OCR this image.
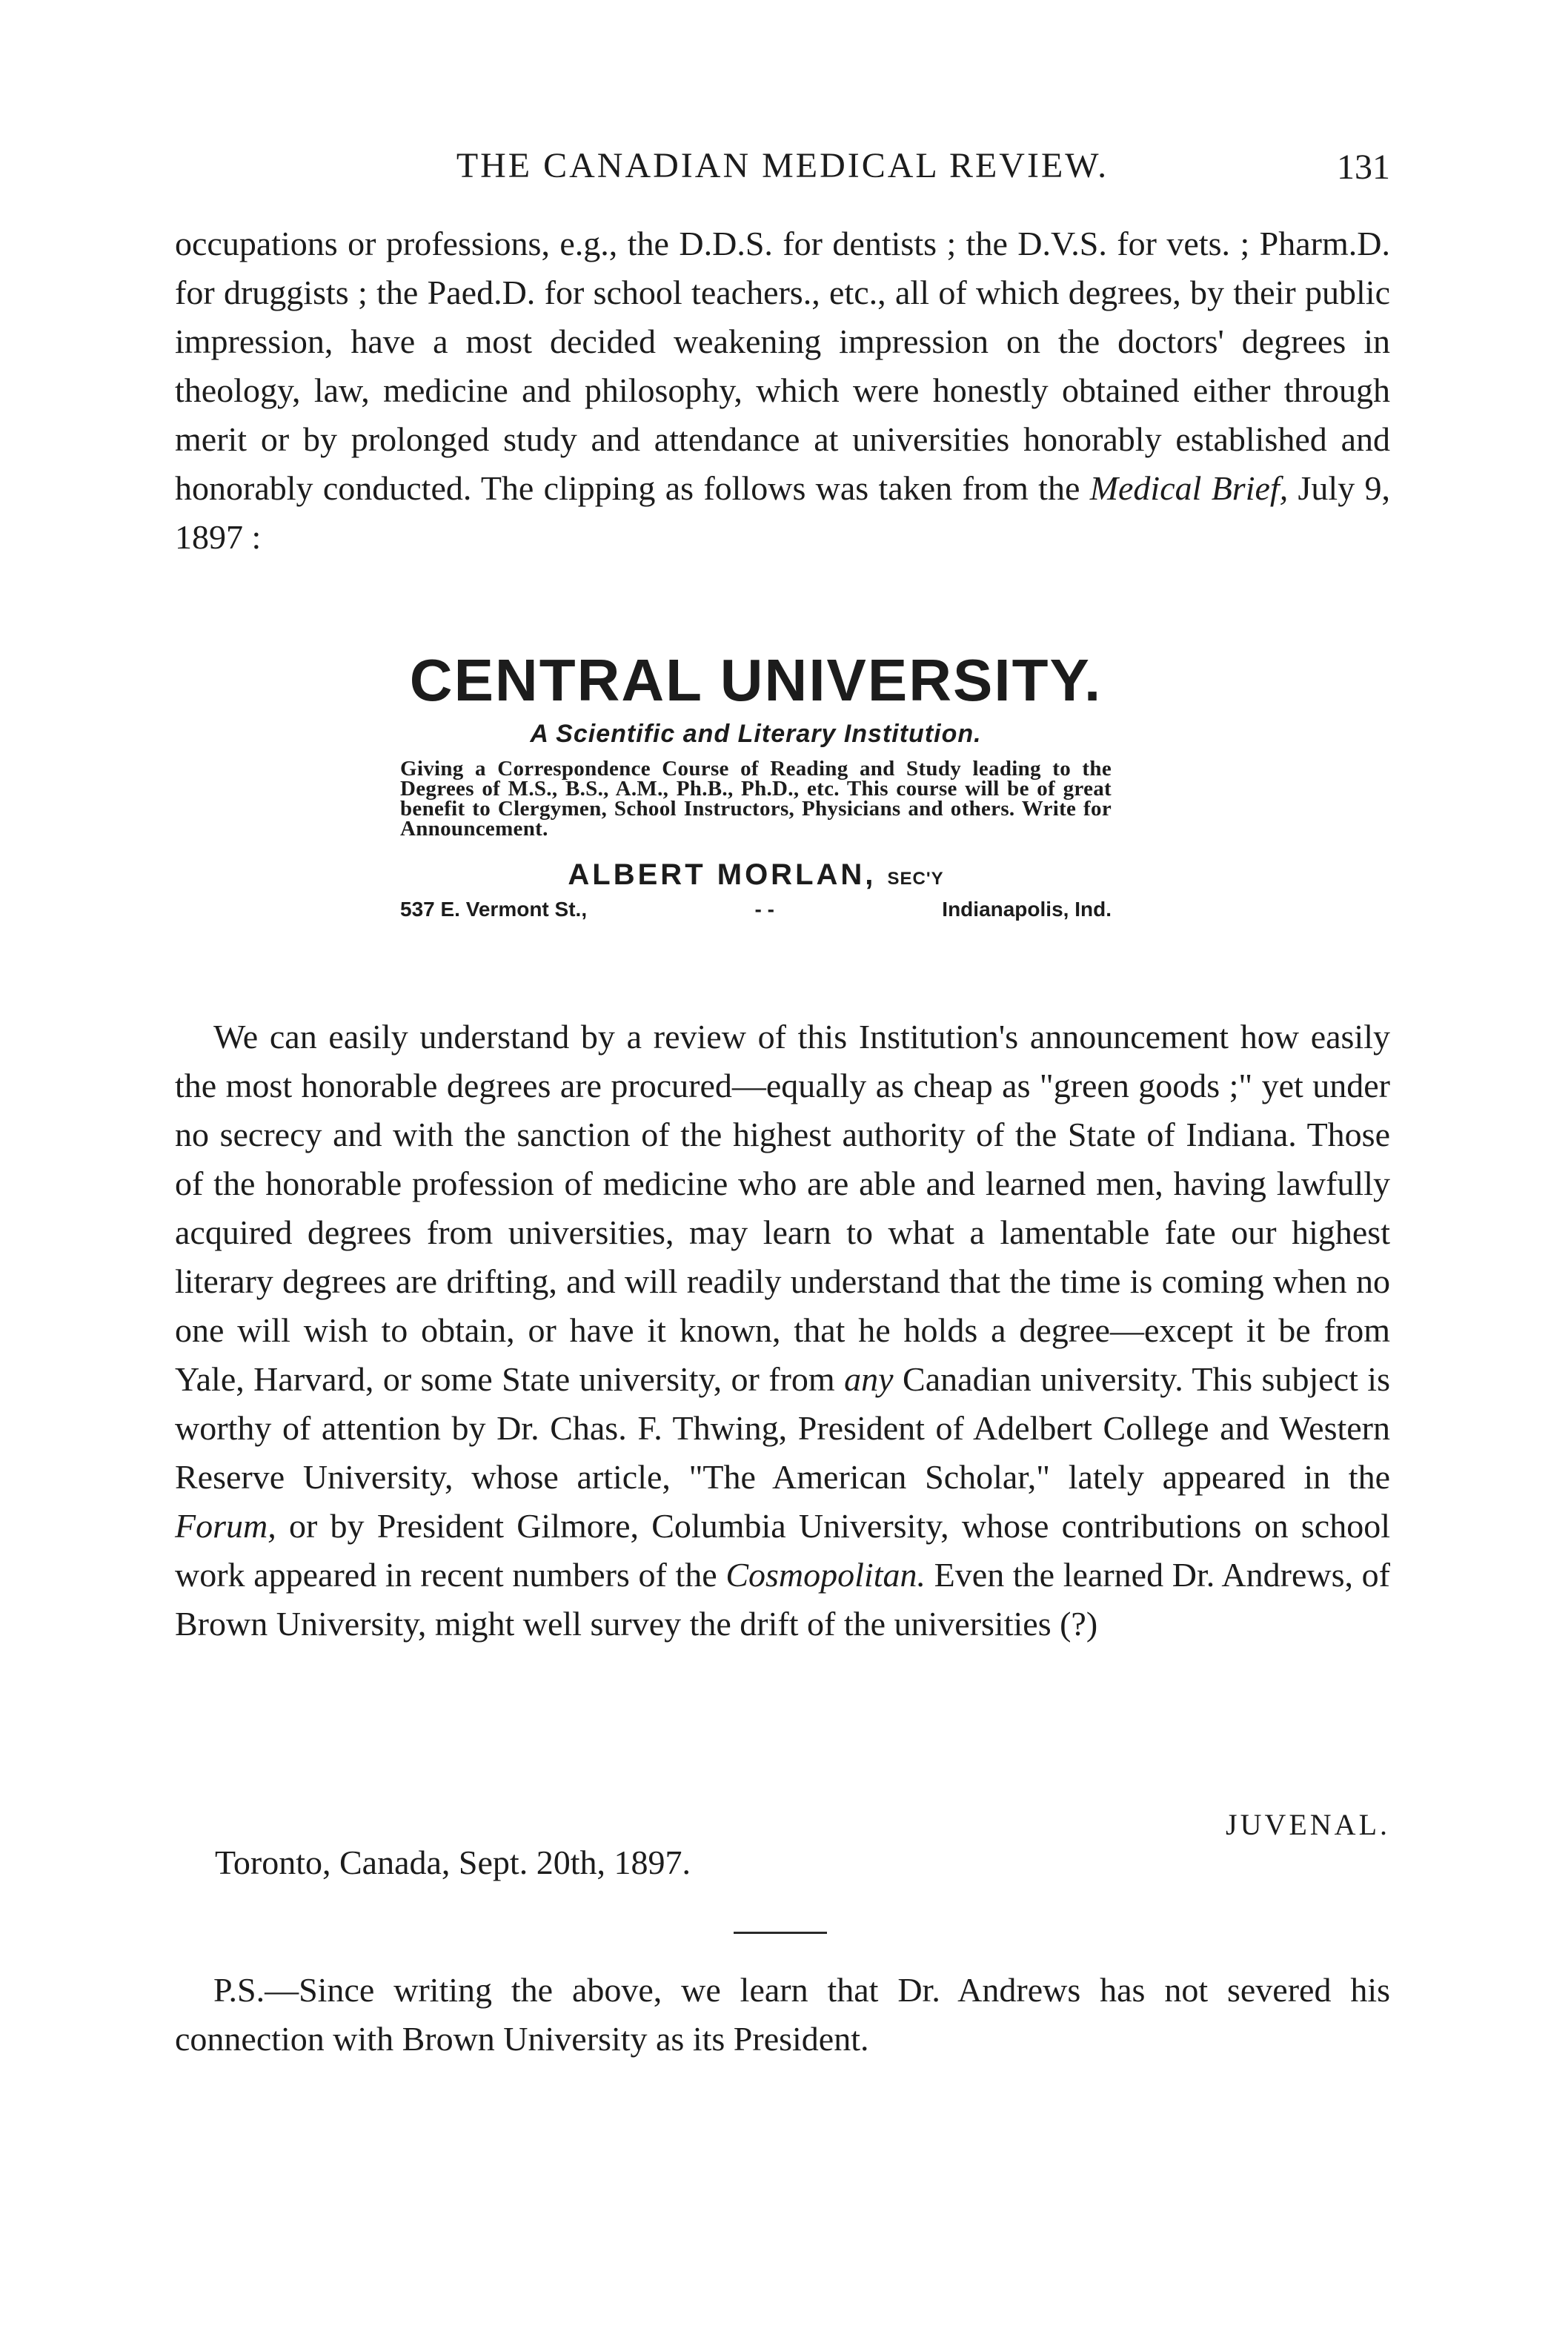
THE CANADIAN MEDICAL REVIEW.	131

occupations or professions, e.g., the D.D.S. for dentists ; the D.V.S. for vets. ; Pharm.D. for druggists ; the Paed.D. for school teachers., etc., all of which degrees, by their public impression, have a most decided weakening impression on the doctors' degrees in theology, law, medicine and philosophy, which were honestly obtained either through merit or by prolonged study and attendance at universities honorably established and honorably conducted. The clipping as follows was taken from the Medical Brief, July 9, 1897 :

CENTRAL UNIVERSITY.
A Scientific and Literary Institution.
Giving a Correspondence Course of Reading and Study leading to the Degrees of M.S., B.S., A.M., Ph.B., Ph.D., etc. This course will be of great benefit to Clergymen, School Instructors, Physicians and others. Write for Announcement.
ALBERT MORLAN, SEC'Y
537 E. Vermont St.,	- -	Indianapolis, Ind.

We can easily understand by a review of this Institution's announcement how easily the most honorable degrees are procured—equally as cheap as "green goods ;" yet under no secrecy and with the sanction of the highest authority of the State of Indiana. Those of the honorable profession of medicine who are able and learned men, having lawfully acquired degrees from universities, may learn to what a lamentable fate our highest literary degrees are drifting, and will readily understand that the time is coming when no one will wish to obtain, or have it known, that he holds a degree—except it be from Yale, Harvard, or some State university, or from any Canadian university. This subject is worthy of attention by Dr. Chas. F. Thwing, President of Adelbert College and Western Reserve University, whose article, "The American Scholar," lately appeared in the Forum, or by President Gilmore, Columbia University, whose contributions on school work appeared in recent numbers of the Cosmopolitan. Even the learned Dr. Andrews, of Brown University, might well survey the drift of the universities (?)

JUVENAL.
Toronto, Canada, Sept. 20th, 1897.

P.S.—Since writing the above, we learn that Dr. Andrews has not severed his connection with Brown University as its President.
